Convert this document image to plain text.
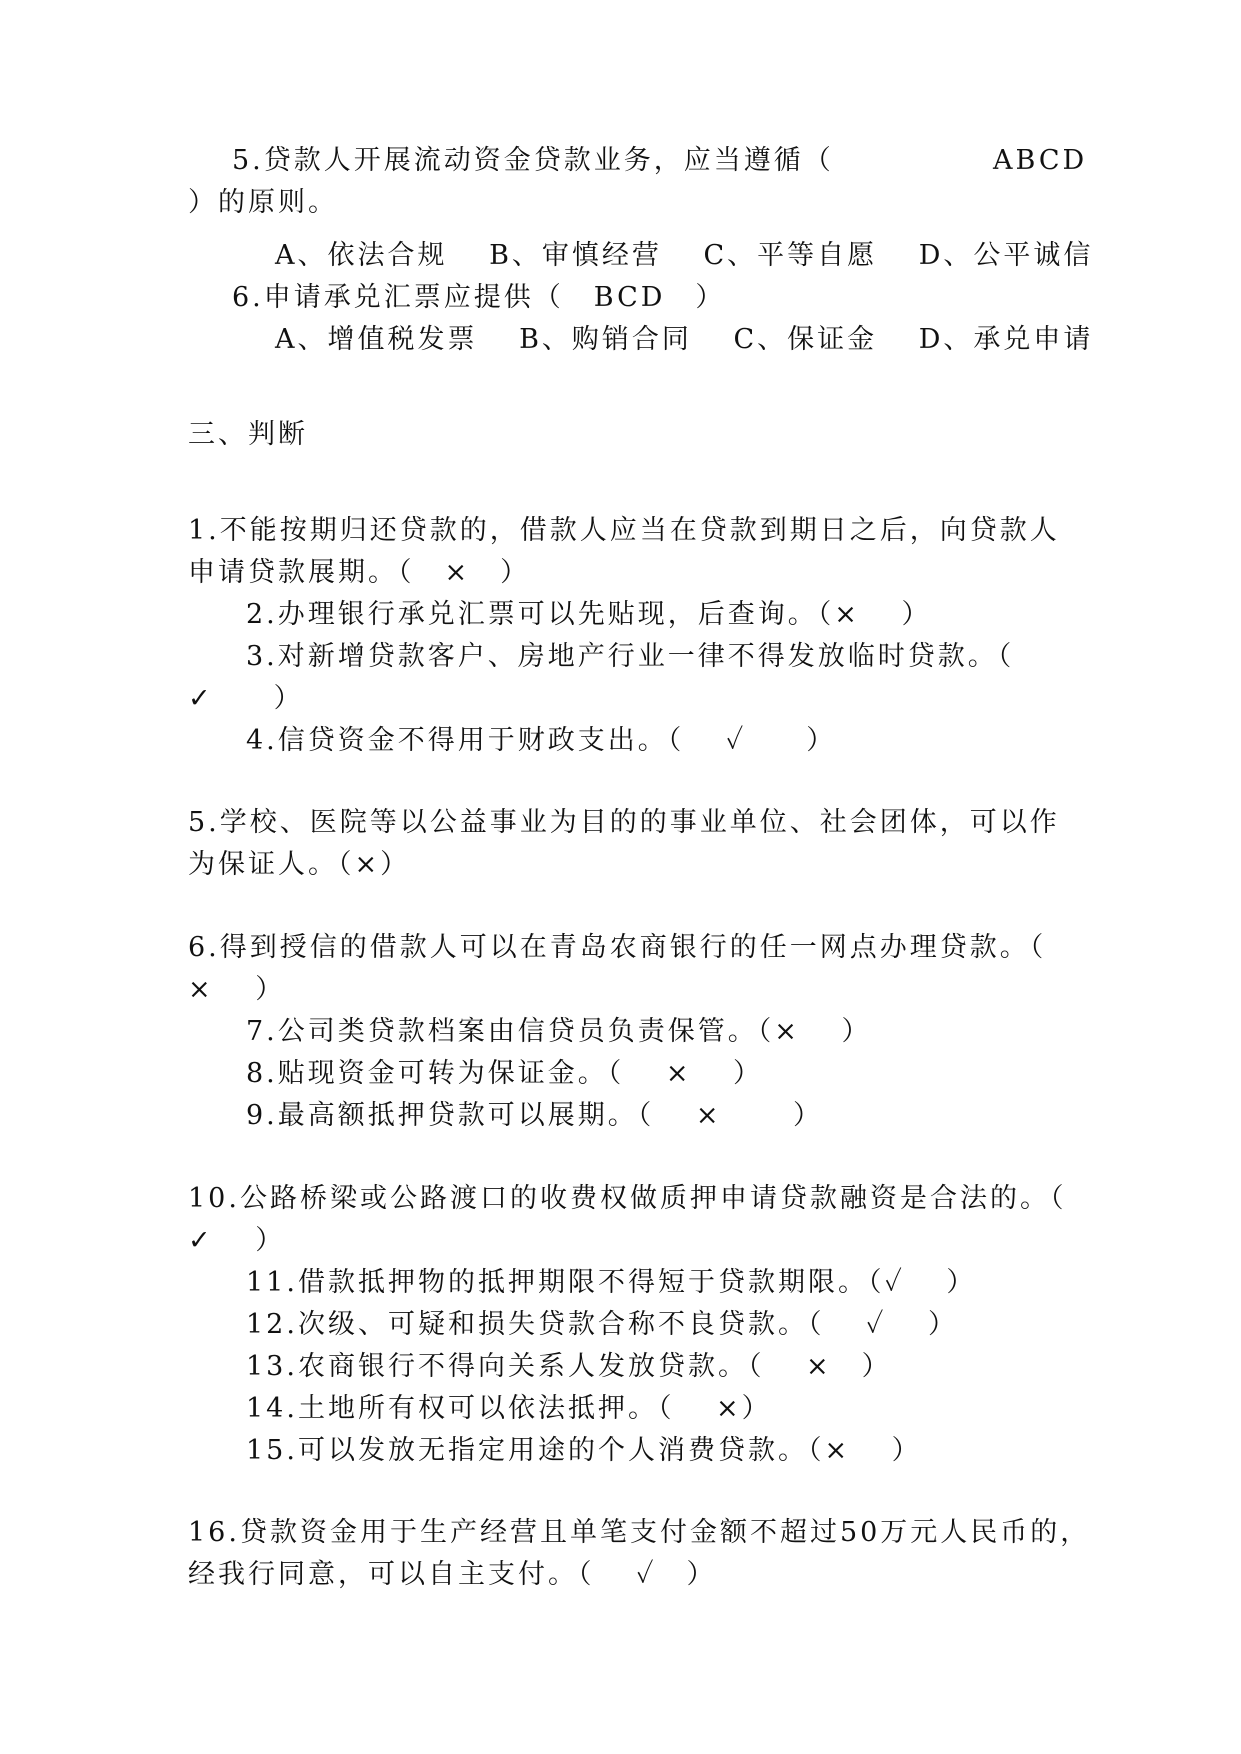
5.贷款人开展流动资金贷款业务，应当遵循（	ABCD
）的原则。
A、依法合规　 B、审慎经营　 C、平等自愿　 D、公平诚信
6.申请承兑汇票应提供（　BCD　）
A、增值税发票　 B、购销合同　 C、保证金　 D、承兑申请
三、判断
1.不能按期归还贷款的，借款人应当在贷款到期日之后，向贷款人
申请贷款展期。（　×　）
2.办理银行承兑汇票可以先贴现，后查询。（×　 ）
3.对新增贷款客户、房地产行业一律不得发放临时贷款。（
✓　　）
4.信贷资金不得用于财政支出。（　 ✓　　）
5.学校、医院等以公益事业为目的的事业单位、社会团体，可以作
为保证人。（×）
6.得到授信的借款人可以在青岛农商银行的任一网点办理贷款。（
×　 ）
7.公司类贷款档案由信贷员负责保管。（×　 ）
8.贴现资金可转为保证金。（　 ×　 ）
9.最高额抵押贷款可以展期。（　 ×　　 ）
10.公路桥梁或公路渡口的收费权做质押申请贷款融资是合法的。（
✓　 ）
11.借款抵押物的抵押期限不得短于贷款期限。（✓　 ）
12.次级、可疑和损失贷款合称不良贷款。（　 ✓　 ）
13.农商银行不得向关系人发放贷款。（　 ×　）
14.土地所有权可以依法抵押。（　 ×）
15.可以发放无指定用途的个人消费贷款。（×　 ）
16.贷款资金用于生产经营且单笔支付金额不超过50万元人民币的，
经我行同意，可以自主支付。（　 ✓　）
